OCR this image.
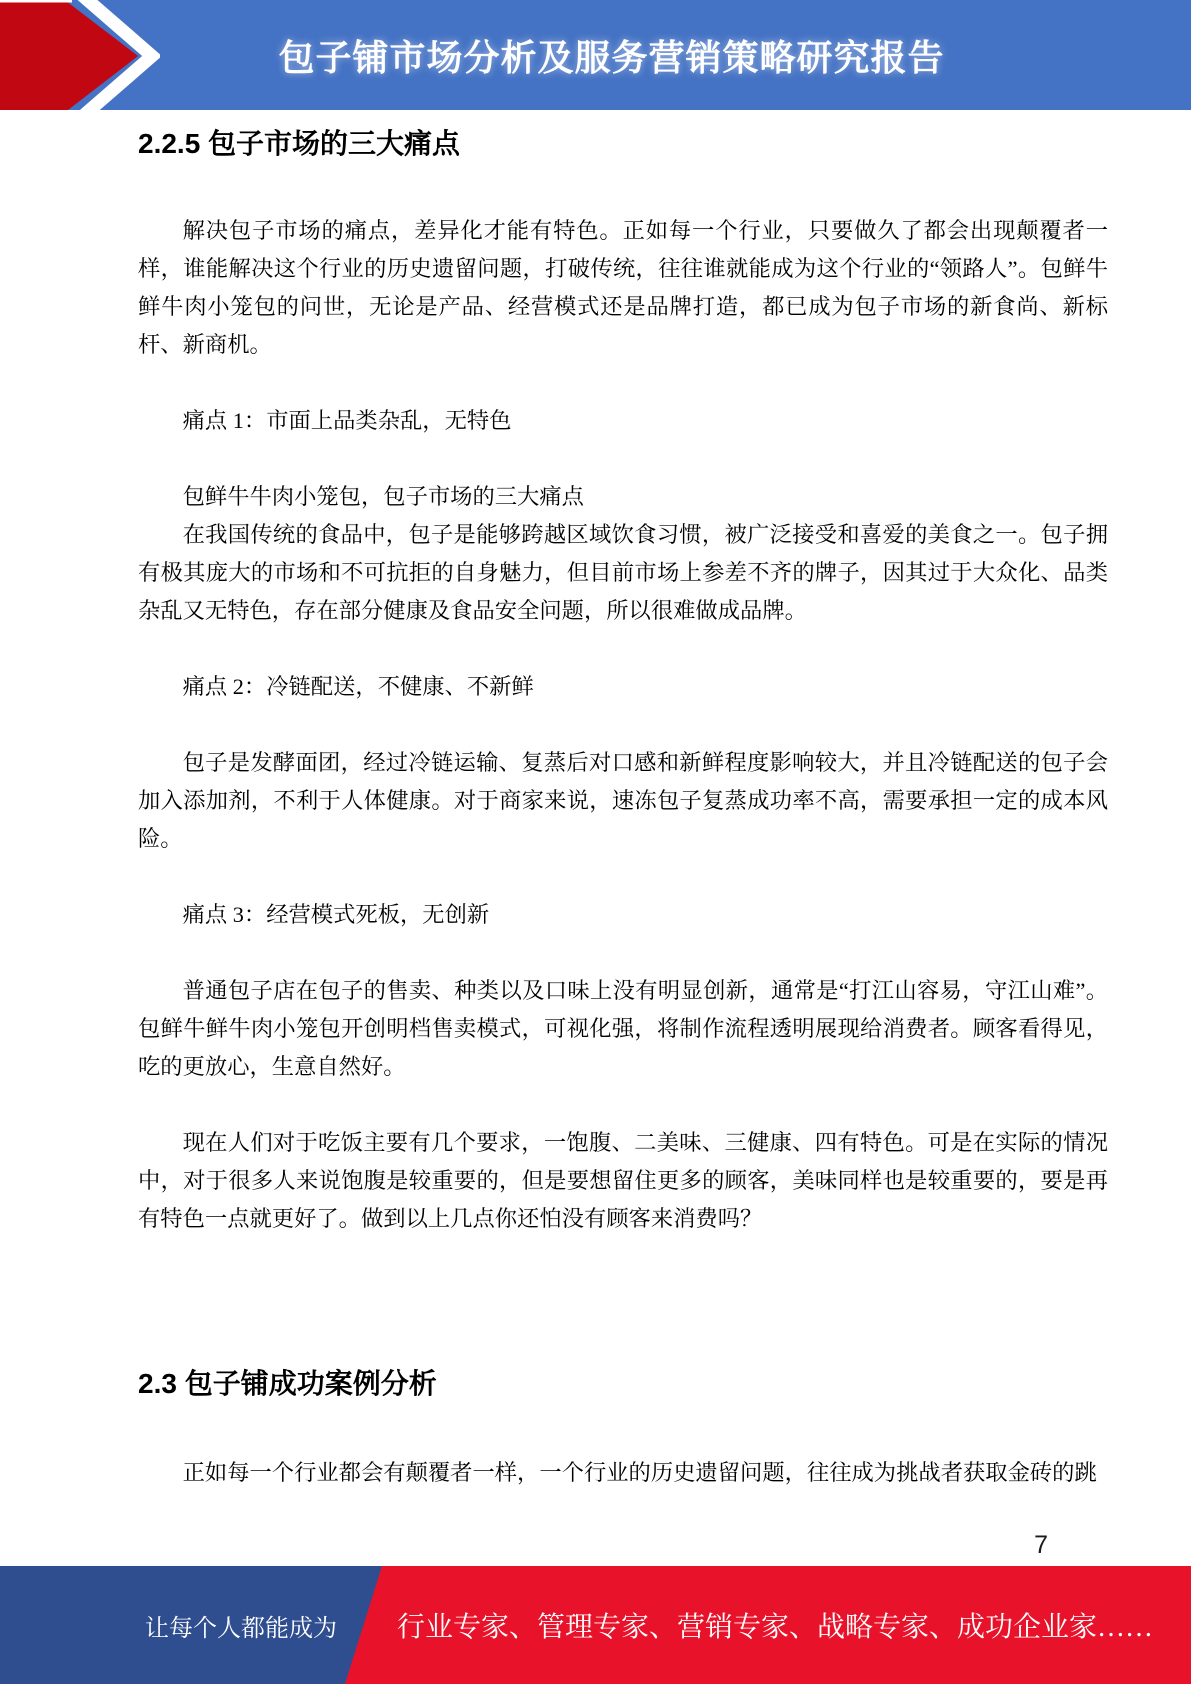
包子铺市场分析及服务营销策略研究报告
2.2.5 包子市场的三大痛点

解决包子市场的痛点，差异化才能有特色。正如每一个行业，只要做久了都会出现颠覆者一样，谁能解决这个行业的历史遗留问题，打破传统，往往谁就能成为这个行业的“领路人”。包鲜牛鲜牛肉小笼包的问世，无论是产品、经营模式还是品牌打造，都已成为包子市场的新食尚、新标杆、新商机。

痛点 1：市面上品类杂乱，无特色

包鲜牛牛肉小笼包，包子市场的三大痛点

在我国传统的食品中，包子是能够跨越区域饮食习惯，被广泛接受和喜爱的美食之一。包子拥有极其庞大的市场和不可抗拒的自身魅力，但目前市场上参差不齐的牌子，因其过于大众化、品类杂乱又无特色，存在部分健康及食品安全问题，所以很难做成品牌。

痛点 2：冷链配送，不健康、不新鲜

包子是发酵面团，经过冷链运输、复蒸后对口感和新鲜程度影响较大，并且冷链配送的包子会加入添加剂，不利于人体健康。对于商家来说，速冻包子复蒸成功率不高，需要承担一定的成本风险。

痛点 3：经营模式死板，无创新

普通包子店在包子的售卖、种类以及口味上没有明显创新，通常是“打江山容易，守江山难”。包鲜牛鲜牛肉小笼包开创明档售卖模式，可视化强，将制作流程透明展现给消费者。顾客看得见，吃的更放心，生意自然好。

现在人们对于吃饭主要有几个要求，一饱腹、二美味、三健康、四有特色。可是在实际的情况中，对于很多人来说饱腹是较重要的，但是要想留住更多的顾客，美味同样也是较重要的，要是再有特色一点就更好了。做到以上几点你还怕没有顾客来消费吗？

2.3 包子铺成功案例分析

正如每一个行业都会有颠覆者一样，一个行业的历史遗留问题，往往成为挑战者获取金砖的跳

7
让每个人都能成为 行业专家、管理专家、营销专家、战略专家、成功企业家……
